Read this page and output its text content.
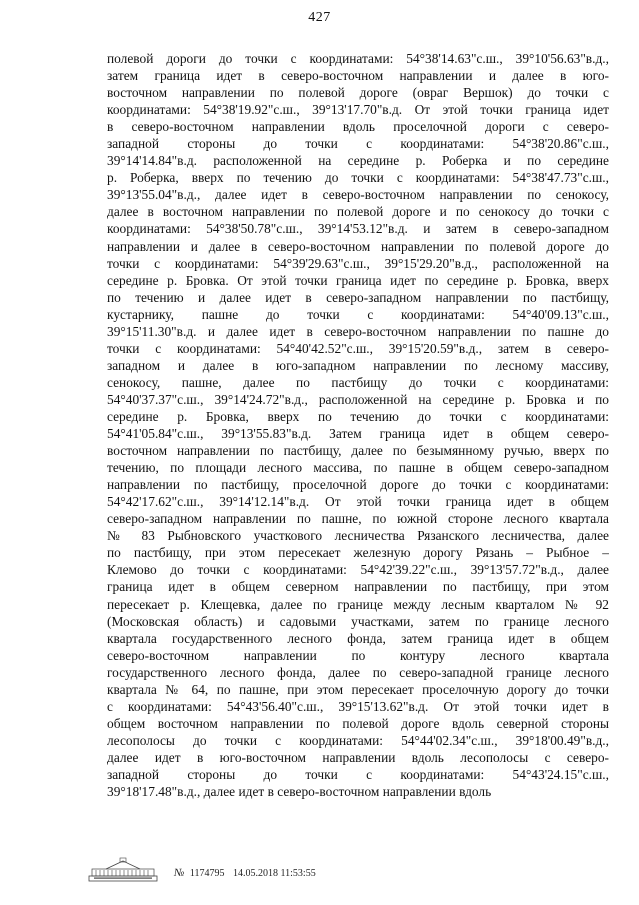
427
полевой дороги до точки с координатами: 54°38'14.63"с.ш., 39°10'56.63"в.д.,
затем граница идет в северо-восточном направлении и далее в юго-
восточном направлении по полевой дороге (овраг Вершок) до точки с
координатами: 54°38'19.92"с.ш., 39°13'17.70"в.д. От этой точки граница идет
в северо-восточном направлении вдоль проселочной дороги с северо-
западной стороны до точки с координатами: 54°38'20.86"с.ш.,
39°14'14.84"в.д. расположенной на середине р. Роберка и по середине
р. Роберка, вверх по течению до точки с координатами: 54°38'47.73"с.ш.,
39°13'55.04"в.д., далее идет в северо-восточном направлении по сенокосу,
далее в восточном направлении по полевой дороге и по сенокосу до точки с
координатами: 54°38'50.78"с.ш., 39°14'53.12"в.д. и затем в северо-западном
направлении и далее в северо-восточном направлении по полевой дороге до
точки с координатами: 54°39'29.63"с.ш., 39°15'29.20"в.д., расположенной на
середине р. Бровка. От этой точки граница идет по середине р. Бровка, вверх
по течению и далее идет в северо-западном направлении по пастбищу,
кустарнику, пашне до точки с координатами: 54°40'09.13"с.ш.,
39°15'11.30"в.д. и далее идет в северо-восточном направлении по пашне до
точки с координатами: 54°40'42.52"с.ш., 39°15'20.59"в.д., затем в северо-
западном и далее в юго-западном направлении по лесному массиву,
сенокосу, пашне, далее по пастбищу до точки с координатами:
54°40'37.37"с.ш., 39°14'24.72"в.д., расположенной на середине р. Бровка и по
середине р. Бровка, вверх по течению до точки с координатами:
54°41'05.84"с.ш., 39°13'55.83"в.д. Затем граница идет в общем северо-
восточном направлении по пастбищу, далее по безымянному ручью, вверх по
течению, по площади лесного массива, по пашне в общем северо-западном
направлении по пастбищу, проселочной дороге до точки с координатами:
54°42'17.62"с.ш., 39°14'12.14"в.д. От этой точки граница идет в общем
северо-западном направлении по пашне, по южной стороне лесного квартала
№ 83 Рыбновского участкового лесничества Рязанского лесничества, далее
по пастбищу, при этом пересекает железную дорогу Рязань – Рыбное –
Клемово до точки с координатами: 54°42'39.22"с.ш., 39°13'57.72"в.д., далее
граница идет в общем северном направлении по пастбищу, при этом
пересекает р. Клещевка, далее по границе между лесным кварталом № 92
(Московская область) и садовыми участками, затем по границе лесного
квартала государственного лесного фонда, затем граница идет в общем
северо-восточном направлении по контуру лесного квартала
государственного лесного фонда, далее по северо-западной границе лесного
квартала № 64, по пашне, при этом пересекает проселочную дорогу до точки
с координатами: 54°43'56.40"с.ш., 39°15'13.62"в.д. От этой точки идет в
общем восточном направлении по полевой дороге вдоль северной стороны
лесополосы до точки с координатами: 54°44'02.34"с.ш., 39°18'00.49"в.д.,
далее идет в юго-восточном направлении вдоль лесополосы с северо-
западной стороны до точки с координатами: 54°43'24.15"с.ш.,
39°18'17.48"в.д., далее идет в северо-восточном направлении вдоль
№ 1174795 14.05.2018 11:53:55
